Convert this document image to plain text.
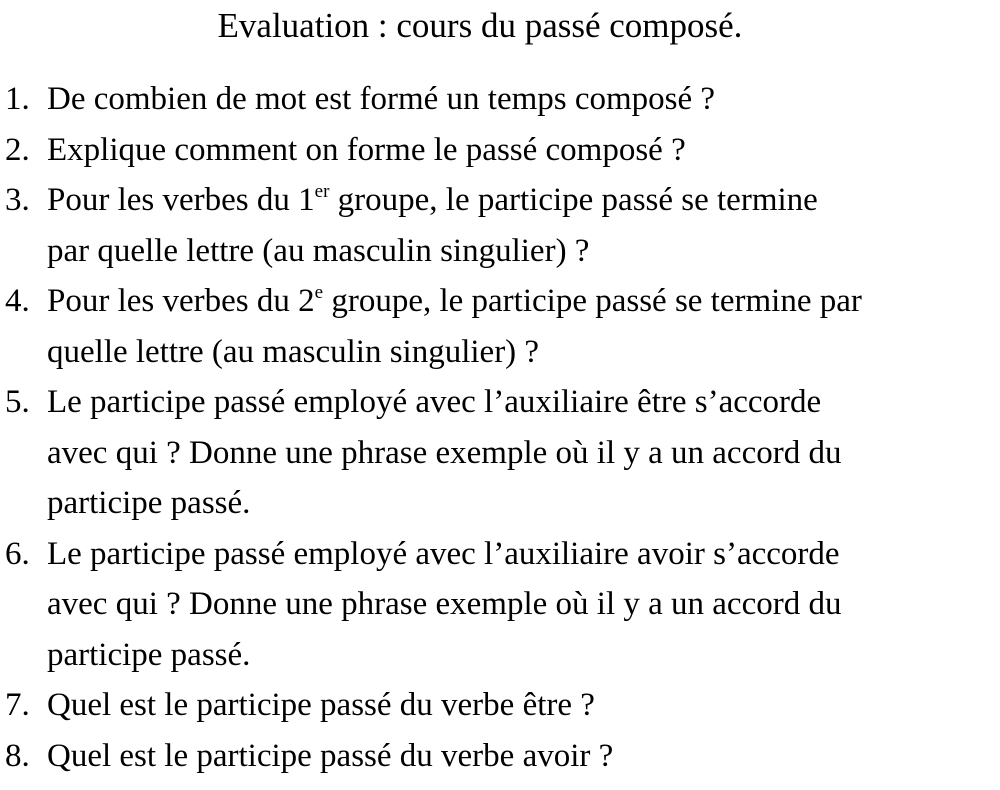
Evaluation : cours du passé composé.
1. De combien de mot est formé un temps composé ?
2. Explique comment on forme le passé composé ?
3. Pour les verbes du 1er groupe, le participe passé se termine
par quelle lettre (au masculin singulier) ?
4. Pour les verbes du 2e groupe, le participe passé se termine par
quelle lettre (au masculin singulier) ?
5. Le participe passé employé avec l’auxiliaire être s’accorde
avec qui ? Donne une phrase exemple où il y a un accord du
participe passé.
6. Le participe passé employé avec l’auxiliaire avoir s’accorde
avec qui ? Donne une phrase exemple où il y a un accord du
participe passé.
7. Quel est le participe passé du verbe être ?
8. Quel est le participe passé du verbe avoir ?
